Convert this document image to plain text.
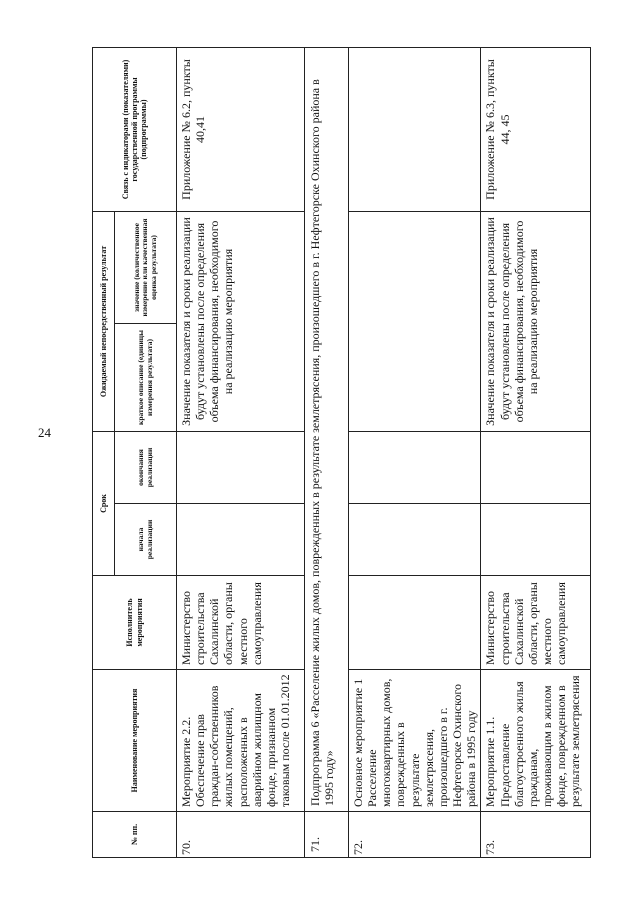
24
№ пп.	Наименование мероприятия	Исполнитель мероприятия	Срок		Ожидаемый непосредственный результат		Связь с индикаторами (показателями) государственной программы (подпрограммы)
			начала реализации	окончания реализации	краткое описание (единицы измерения результата)	значение (количественное измерение или качественная оценка результата)	
70.	Мероприятие 2.2. Обеспечение прав граждан-собственников жилых помещений, расположенных в аварийном жилищном фонде, признанном таковым после 01.01.2012	Министерство строительства Сахалинской области, органы местного самоуправления			Значение показателя и сроки реализации будут установлены после определения объема финансирования, необходимого на реализацию мероприятия		Приложение № 6.2, пункты 40,41
71.	Подпрограмма 6 «Расселение жилых домов, поврежденных в результате землетрясения, произошедшего в г. Нефтегорске Охинского района в 1995 году»						
72.	Основное мероприятие 1 Расселение многоквартирных домов, поврежденных в результате землетрясения, произошедшего в г. Нефтегорске Охинского района в 1995 году						
73.	Мероприятие 1.1. Предоставление благоустроенного жилья гражданам, проживающим в жилом фонде, поврежденном в результате землетрясения	Министерство строительства Сахалинской области, органы местного самоуправления			Значение показателя и сроки реализации будут установлены после определения объема финансирования, необходимого на реализацию мероприятия		Приложение № 6.3, пункты 44, 45
